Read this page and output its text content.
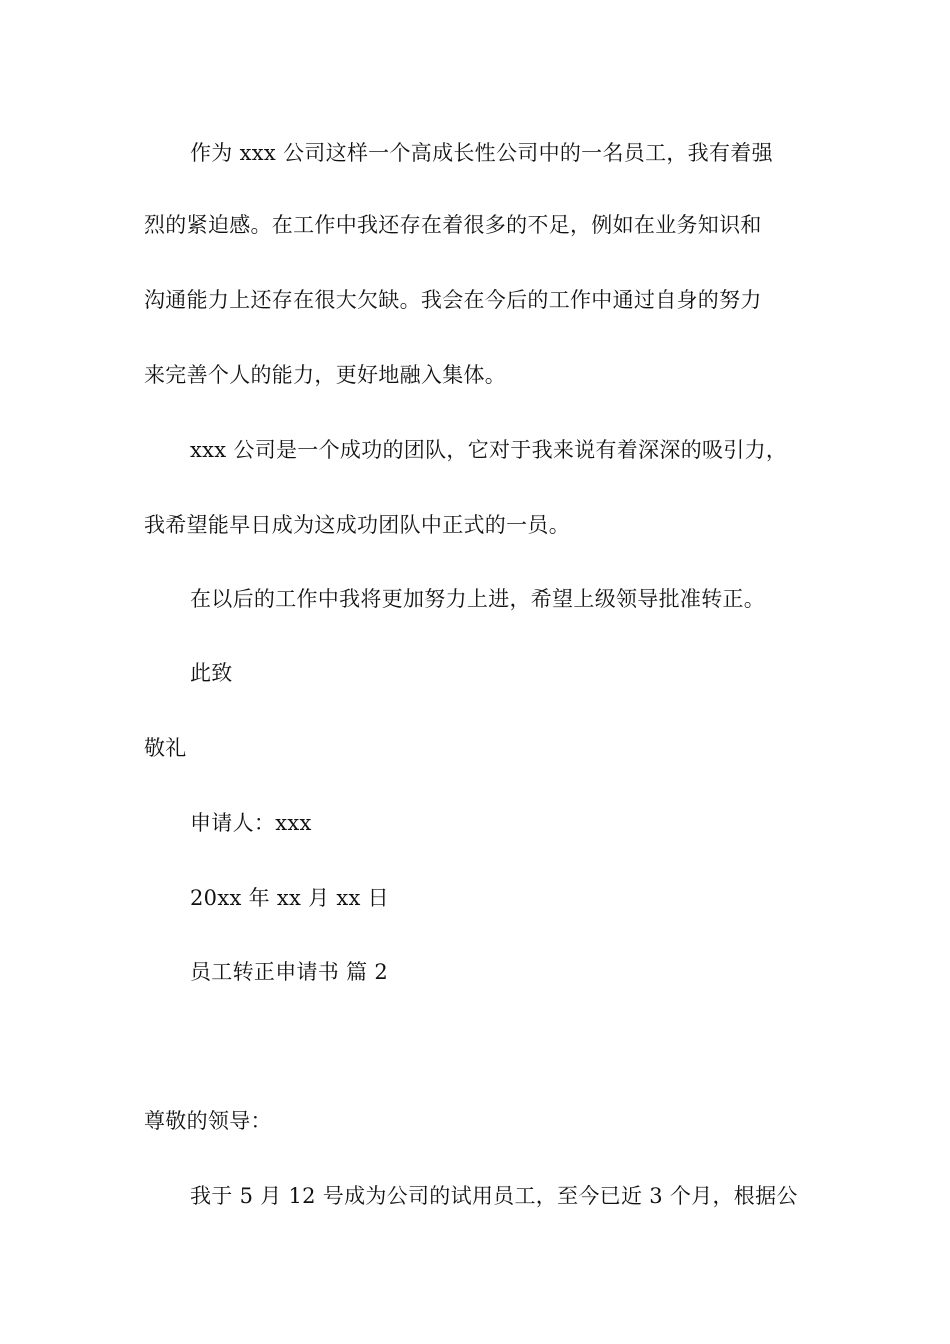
作为 xxx 公司这样一个高成长性公司中的一名员工，我有着强
烈的紧迫感。在工作中我还存在着很多的不足，例如在业务知识和
沟通能力上还存在很大欠缺。我会在今后的工作中通过自身的努力
来完善个人的能力，更好地融入集体。
xxx 公司是一个成功的团队，它对于我来说有着深深的吸引力，
我希望能早日成为这成功团队中正式的一员。
在以后的工作中我将更加努力上进，希望上级领导批准转正。
此致
敬礼
申请人：xxx
20xx 年 xx 月 xx 日
员工转正申请书 篇 2
尊敬的领导：
我于 5 月 12 号成为公司的试用员工，至今已近 3 个月，根据公
